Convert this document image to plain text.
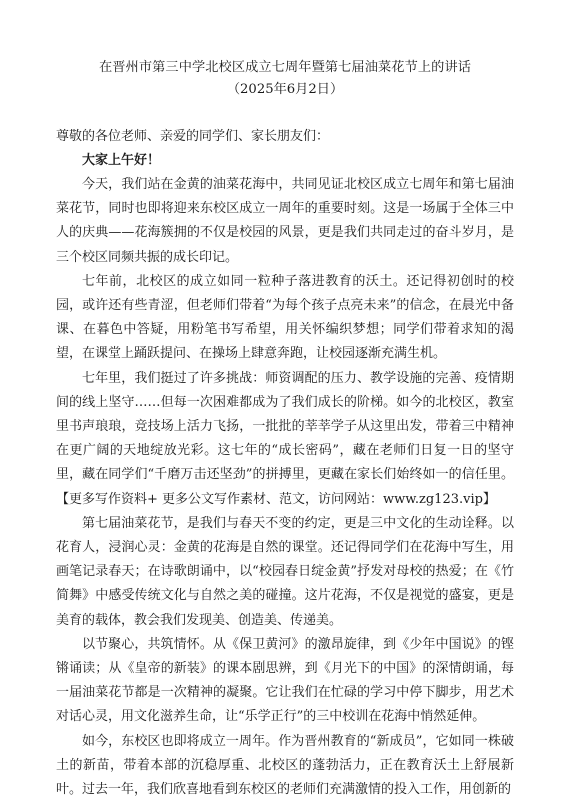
在晋州市第三中学北校区成立七周年暨第七届油菜花节上的讲话
（2025年6月2日）
尊敬的各位老师、亲爱的同学们、家长朋友们：
大家上午好！

今天，我们站在金黄的油菜花海中，共同见证北校区成立七周年和第七届油菜花节，同时也即将迎来东校区成立一周年的重要时刻。这是一场属于全体三中人的庆典——花海簇拥的不仅是校园的风景，更是我们共同走过的奋斗岁月，是三个校区同频共振的成长印记。

七年前，北校区的成立如同一粒种子落进教育的沃土。还记得初创时的校园，或许还有些青涩，但老师们带着“为每个孩子点亮未来”的信念，在晨光中备课、在暮色中答疑，用粉笔书写希望，用关怀编织梦想；同学们带着求知的渴望，在课堂上踊跃提问、在操场上肆意奔跑，让校园逐渐充满生机。

七年里，我们挺过了许多挑战：师资调配的压力、教学设施的完善、疫情期间的线上坚守……但每一次困难都成为了我们成长的阶梯。如今的北校区，教室里书声琅琅，竞技场上活力飞扬，一批批的莘莘学子从这里出发，带着三中精神在更广阔的天地绽放光彩。这七年的“成长密码”，藏在老师们日复一日的坚守里，藏在同学们“千磨万击还坚劲”的拼搏里，更藏在家长们始终如一的信任里。【更多写作资料+ 更多公文写作素材、范文，访问网站：www.zg123.vip】

第七届油菜花节，是我们与春天不变的约定，更是三中文化的生动诠释。以花育人，浸润心灵：金黄的花海是自然的课堂。还记得同学们在花海中写生，用画笔记录春天；在诗歌朗诵中，以“校园春日绽金黄”抒发对母校的热爱；在《竹简舞》中感受传统文化与自然之美的碰撞。这片花海，不仅是视觉的盛宴，更是美育的载体，教会我们发现美、创造美、传递美。

以节聚心，共筑情怀。从《保卫黄河》的激昂旋律，到《少年中国说》的铿锵诵读；从《皇帝的新装》的课本剧思辨，到《月光下的中国》的深情朗诵，每一届油菜花节都是一次精神的凝聚。它让我们在忙碌的学习中停下脚步，用艺术对话心灵，用文化滋养生命，让“乐学正行”的三中校训在花海中悄然延伸。

如今，东校区也即将成立一周年。作为晋州教育的“新成员”，它如同一株破土的新苗，带着本部的沉稳厚重、北校区的蓬勃活力，正在教育沃土上舒展新叶。过去一年，我们欣喜地看到东校区的老师们充满激情的投入工作，用创新的
